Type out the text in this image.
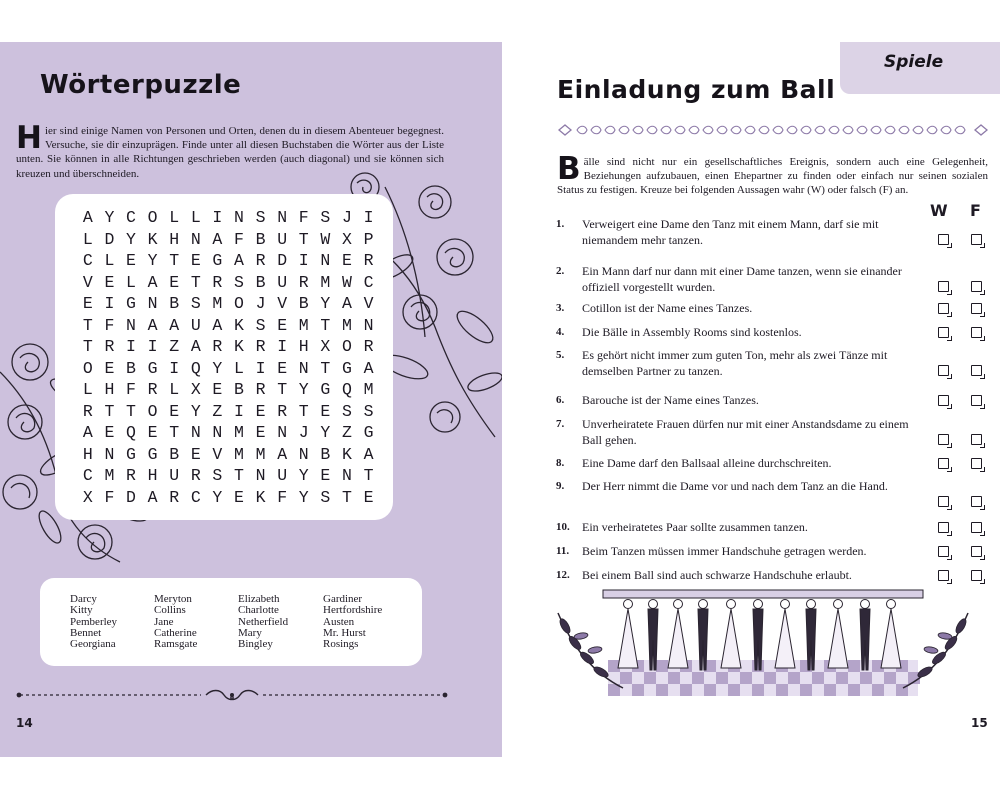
Wörterpuzzle
Hier sind einige Namen von Personen und Orten, denen du in diesem Abenteuer begegnest. Versuche, sie dir einzuprägen. Finde unter all diesen Buchstaben die Wörter aus der Liste unten. Sie können in alle Richtungen geschrieben werden (auch diagonal) und sie können sich kreuzen und überschneiden.
A Y C O L L I N S N F S J I
L D Y K H N A F B U T W X P
C L E Y T E G A R D I N E R
V E L A E T R S B U R M W C
E I G N B S M O J V B Y A V
T F N A A U A K S E M T M N
T R I I Z A R K R I H X O R
O E B G I Q Y L I E N T G A
L H F R L X E B R T Y G Q M
R T T O E Y Z I E R T E S S
A E Q E T N N M E N J Y Z G
H N G G B E V M M A N B K A
C M R H U R S T N U Y E N T
X F D A R C Y E K F Y S T E
Darcy
Kitty
Pemberley
Bennet
Georgiana
Meryton
Collins
Jane
Catherine
Ramsgate
Elizabeth
Charlotte
Netherfield
Mary
Bingley
Gardiner
Hertfordshire
Austen
Mr. Hurst
Rosings
14
Spiele
Einladung zum Ball
Bälle sind nicht nur ein gesellschaftliches Ereignis, sondern auch eine Gelegenheit, Beziehungen aufzubauen, einen Ehepartner zu finden oder einfach nur seinen sozialen Status zu festigen. Kreuze bei folgenden Aussagen wahr (W) oder falsch (F) an.
W F
1.	Verweigert eine Dame den Tanz mit einem Mann, darf sie mit niemandem mehr tanzen.
2.	Ein Mann darf nur dann mit einer Dame tanzen, wenn sie einander offiziell vorgestellt wurden.
3.	Cotillon ist der Name eines Tanzes.
4.	Die Bälle in Assembly Rooms sind kostenlos.
5.	Es gehört nicht immer zum guten Ton, mehr als zwei Tänze mit demselben Partner zu tanzen.
6.	Barouche ist der Name eines Tanzes.
7.	Unverheiratete Frauen dürfen nur mit einer Anstandsdame zu einem Ball gehen.
8.	Eine Dame darf den Ballsaal alleine durchschreiten.
9.	Der Herr nimmt die Dame vor und nach dem Tanz an die Hand.
10.	Ein verheiratetes Paar sollte zusammen tanzen.
11.	Beim Tanzen müssen immer Handschuhe getragen werden.
12.	Bei einem Ball sind auch schwarze Handschuhe erlaubt.
15
